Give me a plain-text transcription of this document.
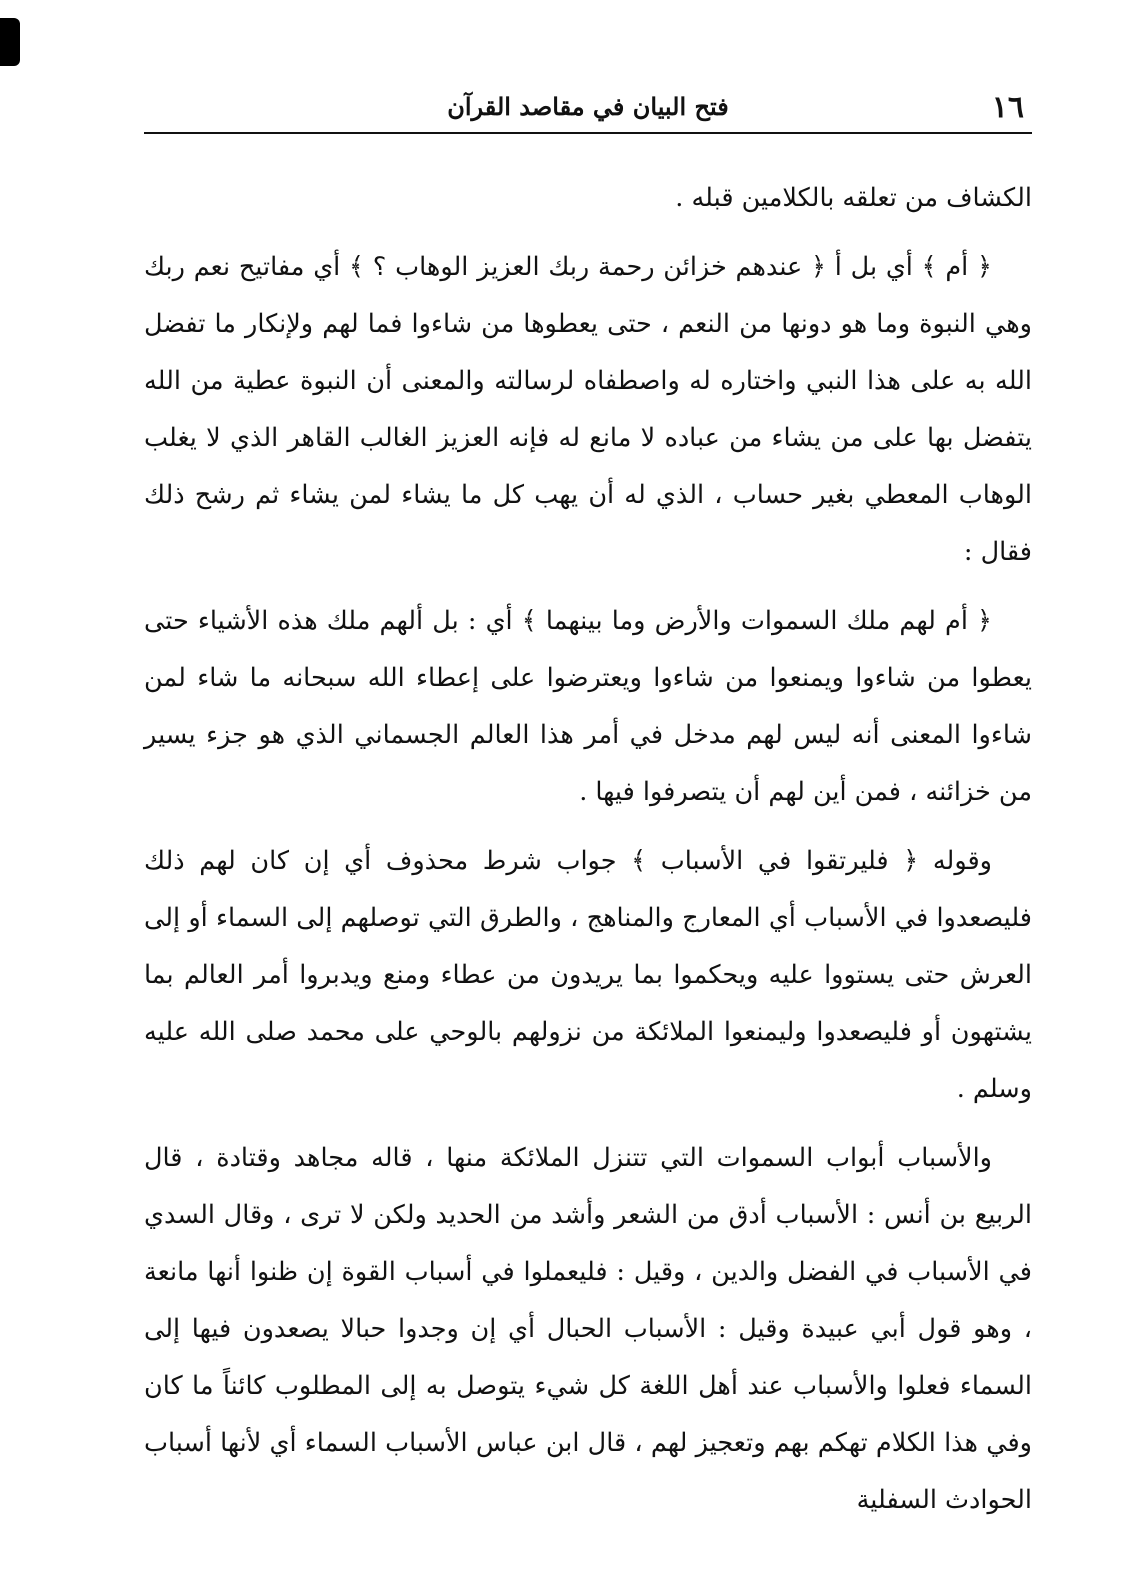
١٦
فتح البيان في مقاصد القرآن

الكشاف من تعلقه بالكلامين قبله .

﴿ أم ﴾ أي بل أ ﴿ عندهم خزائن رحمة ربك العزيز الوهاب ؟ ﴾ أي مفاتيح نعم ربك وهي النبوة وما هو دونها من النعم ، حتى يعطوها من شاءوا فما لهم ولإنكار ما تفضل الله به على هذا النبي واختاره له واصطفاه لرسالته والمعنى أن النبوة عطية من الله يتفضل بها على من يشاء من عباده لا مانع له فإنه العزيز الغالب القاهر الذي لا يغلب الوهاب المعطي بغير حساب ، الذي له أن يهب كل ما يشاء لمن يشاء ثم رشح ذلك فقال :

﴿ أم لهم ملك السموات والأرض وما بينهما ﴾ أي : بل ألهم ملك هذه الأشياء حتى يعطوا من شاءوا ويمنعوا من شاءوا ويعترضوا على إعطاء الله سبحانه ما شاء لمن شاءوا المعنى أنه ليس لهم مدخل في أمر هذا العالم الجسماني الذي هو جزء يسير من خزائنه ، فمن أين لهم أن يتصرفوا فيها .

وقوله ﴿ فليرتقوا في الأسباب ﴾ جواب شرط محذوف أي إن كان لهم ذلك فليصعدوا في الأسباب أي المعارج والمناهج ، والطرق التي توصلهم إلى السماء أو إلى العرش حتى يستووا عليه ويحكموا بما يريدون من عطاء ومنع ويدبروا أمر العالم بما يشتهون أو فليصعدوا وليمنعوا الملائكة من نزولهم بالوحي على محمد صلى الله عليه وسلم .

والأسباب أبواب السموات التي تتنزل الملائكة منها ، قاله مجاهد وقتادة ، قال الربيع بن أنس : الأسباب أدق من الشعر وأشد من الحديد ولكن لا ترى ، وقال السدي في الأسباب في الفضل والدين ، وقيل : فليعملوا في أسباب القوة إن ظنوا أنها مانعة ، وهو قول أبي عبيدة وقيل : الأسباب الحبال أي إن وجدوا حبالا يصعدون فيها إلى السماء فعلوا والأسباب عند أهل اللغة كل شيء يتوصل به إلى المطلوب كائناً ما كان وفي هذا الكلام تهكم بهم وتعجيز لهم ، قال ابن عباس الأسباب السماء أي لأنها أسباب الحوادث السفلية
